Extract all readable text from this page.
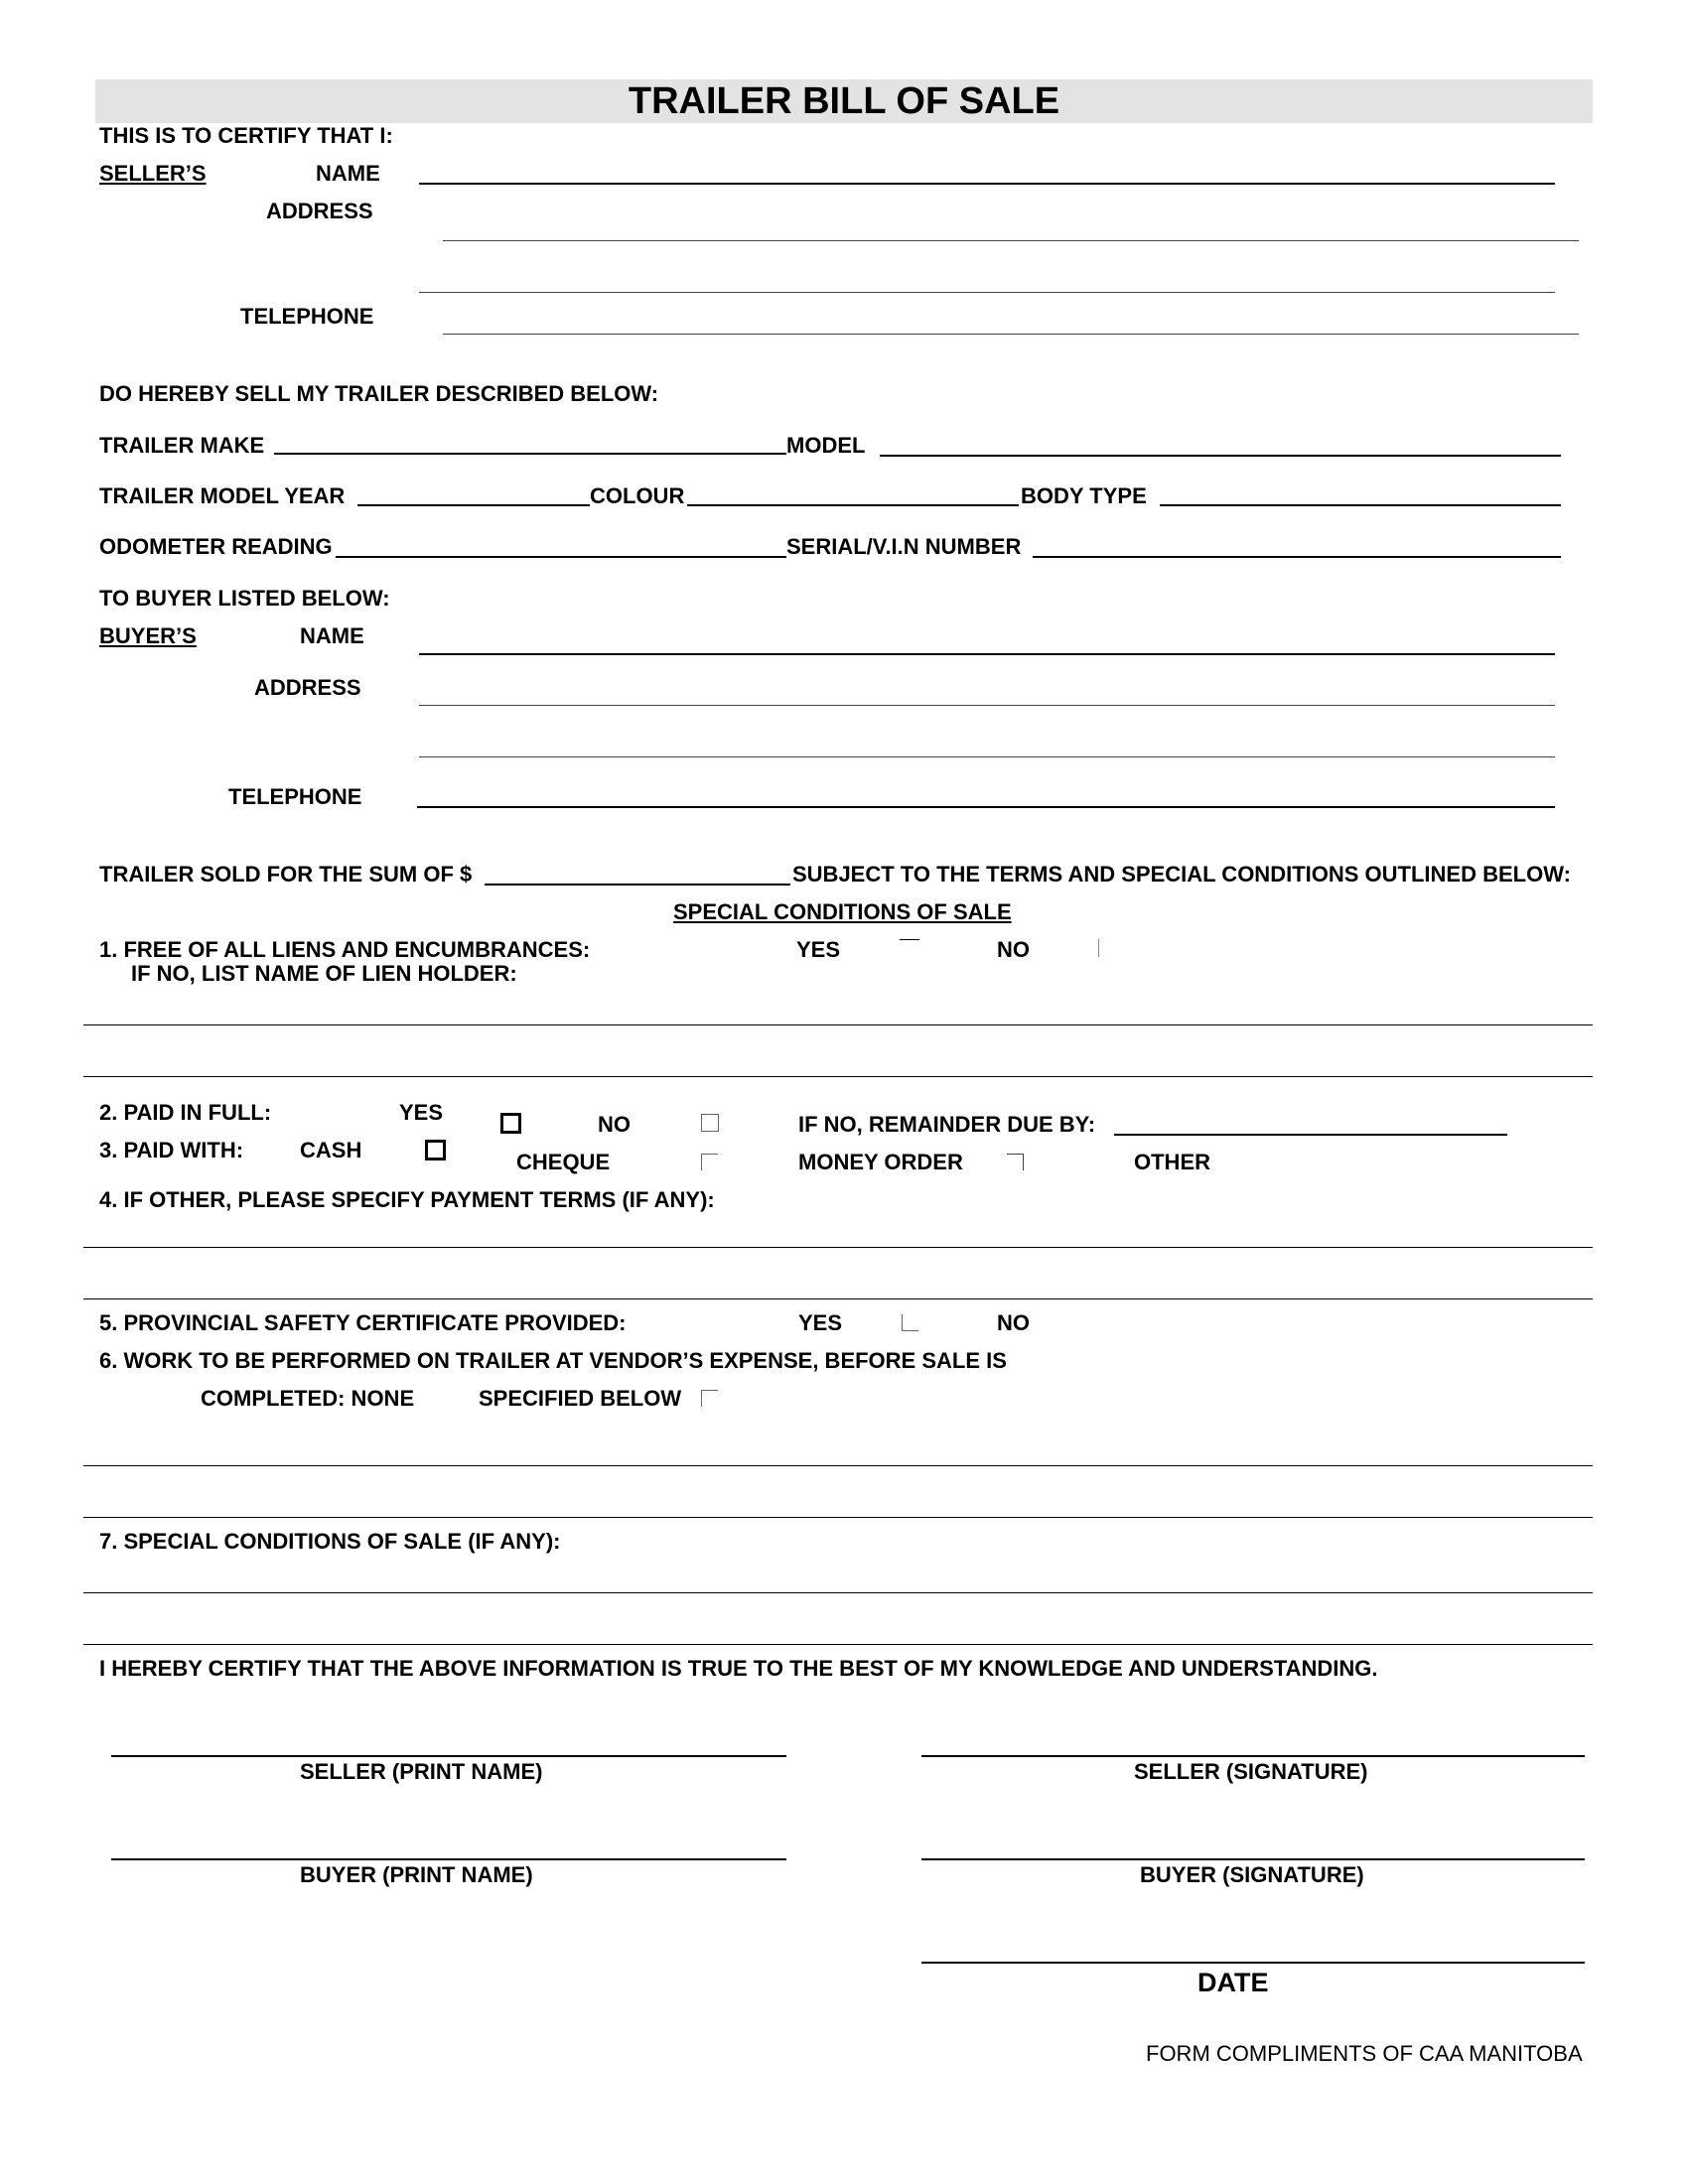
TRAILER BILL OF SALE
THIS IS TO CERTIFY THAT I:
SELLER’S	NAME
ADDRESS
TELEPHONE
DO HEREBY SELL MY TRAILER DESCRIBED BELOW:
TRAILER MAKE	MODEL
TRAILER MODEL YEAR	COLOUR	BODY TYPE
ODOMETER READING	SERIAL/V.I.N NUMBER
TO BUYER LISTED BELOW:
BUYER’S	NAME
ADDRESS
TELEPHONE
TRAILER SOLD FOR THE SUM OF $	SUBJECT TO THE TERMS AND SPECIAL CONDITIONS OUTLINED BELOW:
SPECIAL CONDITIONS OF SALE
1. FREE OF ALL LIENS AND ENCUMBRANCES:
IF NO, LIST NAME OF LIEN HOLDER:
YES	NO
2. PAID IN FULL:	YES	NO	IF NO, REMAINDER DUE BY:
3. PAID WITH:	CASH	CHEQUE	MONEY ORDER	OTHER
4. IF OTHER, PLEASE SPECIFY PAYMENT TERMS (IF ANY):
5. PROVINCIAL SAFETY CERTIFICATE PROVIDED:	YES	NO
6. WORK TO BE PERFORMED ON TRAILER AT VENDOR’S EXPENSE, BEFORE SALE IS
COMPLETED: NONE	SPECIFIED BELOW
7. SPECIAL CONDITIONS OF SALE (IF ANY):
I HEREBY CERTIFY THAT THE ABOVE INFORMATION IS TRUE TO THE BEST OF MY KNOWLEDGE AND UNDERSTANDING.
SELLER (PRINT NAME)	SELLER (SIGNATURE)
BUYER (PRINT NAME)	BUYER (SIGNATURE)
DATE
FORM COMPLIMENTS OF CAA MANITOBA
